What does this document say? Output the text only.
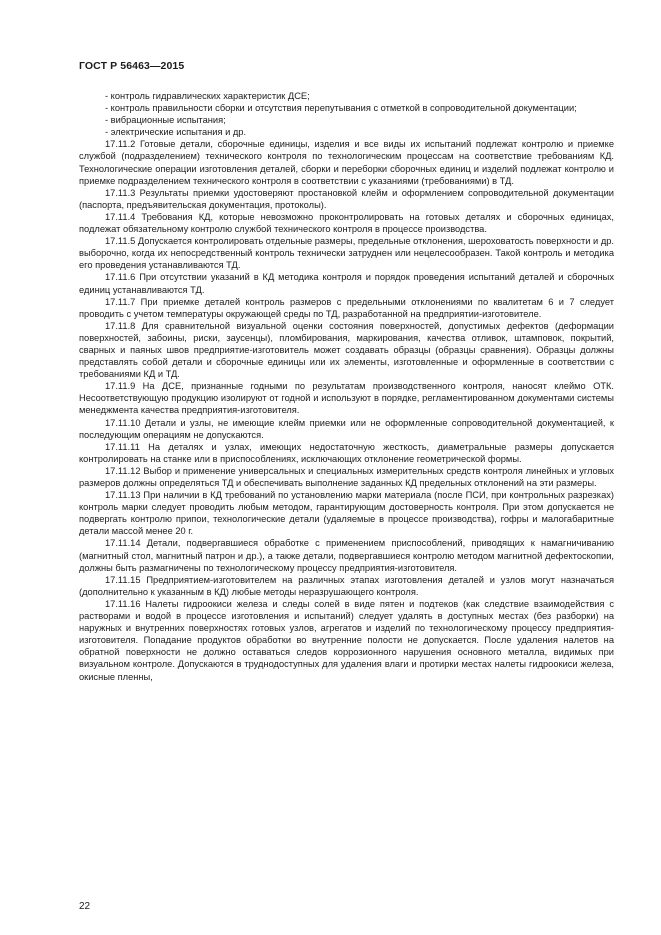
ГОСТ Р 56463—2015

- контроль гидравлических характеристик ДСЕ;

- контроль правильности сборки и отсутствия перепутывания с отметкой в сопроводительной документации;

- вибрационные испытания;

- электрические испытания и др.

17.11.2 Готовые детали, сборочные единицы, изделия и все виды их испытаний подлежат контролю и приемке службой (подразделением) технического контроля по технологическим процессам на соответствие требованиям КД. Технологические операции изготовления деталей, сборки и переборки сборочных единиц и изделий подлежат контролю и приемке подразделением технического контроля в соответствии с указаниями (требованиями) в ТД.

17.11.3 Результаты приемки удостоверяют простановкой клейм и оформлением сопроводительной документации (паспорта, предъявительская документация, протоколы).

17.11.4 Требования КД, которые невозможно проконтролировать на готовых деталях и сборочных единицах, подлежат обязательному контролю службой технического контроля в процессе производства.

17.11.5 Допускается контролировать отдельные размеры, предельные отклонения, шероховатость поверхности и др. выборочно, когда их непосредственный контроль технически затруднен или нецелесообразен. Такой контроль и методика его проведения устанавливаются ТД.

17.11.6 При отсутствии указаний в КД методика контроля и порядок проведения испытаний деталей и сборочных единиц устанавливаются ТД.

17.11.7 При приемке деталей контроль размеров с предельными отклонениями по квалитетам 6 и 7 следует проводить с учетом температуры окружающей среды по ТД, разработанной на предприятии-изготовителе.

17.11.8 Для сравнительной визуальной оценки состояния поверхностей, допустимых дефектов (деформации поверхностей, забоины, риски, заусенцы), пломбирования, маркирования, качества отливок, штамповок, покрытий, сварных и паяных швов предприятие-изготовитель может создавать образцы (образцы сравнения). Образцы должны представлять собой детали и сборочные единицы или их элементы, изготовленные и оформленные в соответствии с требованиями КД и ТД.

17.11.9 На ДСЕ, признанные годными по результатам производственного контроля, наносят клеймо ОТК. Несоответствующую продукцию изолируют от годной и используют в порядке, регламентированном документами системы менеджмента качества предприятия-изготовителя.

17.11.10 Детали и узлы, не имеющие клейм приемки или не оформленные сопроводительной документацией, к последующим операциям не допускаются.

17.11.11 На деталях и узлах, имеющих недостаточную жесткость, диаметральные размеры допускается контролировать на станке или в приспособлениях, исключающих отклонение геометрической формы.

17.11.12 Выбор и применение универсальных и специальных измерительных средств контроля линейных и угловых размеров должны определяться ТД и обеспечивать выполнение заданных КД предельных отклонений на эти размеры.

17.11.13 При наличии в КД требований по установлению марки материала (после ПСИ, при контрольных разрезках) контроль марки следует проводить любым методом, гарантирующим достоверность контроля. При этом допускается не подвергать контролю припои, технологические детали (удаляемые в процессе производства), гофры и малогабаритные детали массой менее 20 г.

17.11.14 Детали, подвергавшиеся обработке с применением приспособлений, приводящих к намагничиванию (магнитный стол, магнитный патрон и др.), а также детали, подвергавшиеся контролю методом магнитной дефектоскопии, должны быть размагничены по технологическому процессу предприятия-изготовителя.

17.11.15 Предприятием-изготовителем на различных этапах изготовления деталей и узлов могут назначаться (дополнительно к указанным в КД) любые методы неразрушающего контроля.

17.11.16 Налеты гидроокиси железа и следы солей в виде пятен и подтеков (как следствие взаимодействия с растворами и водой в процессе изготовления и испытаний) следует удалять в доступных местах (без разборки) на наружных и внутренних поверхностях готовых узлов, агрегатов и изделий по технологическому процессу предприятия-изготовителя. Попадание продуктов обработки во внутренние полости не допускается. После удаления налетов на обратной поверхности не должно оставаться следов коррозионного нарушения основного металла, видимых при визуальном контроле. Допускаются в труднодоступных для удаления влаги и протирки местах налеты гидроокиси железа, окисные пленны,

22
